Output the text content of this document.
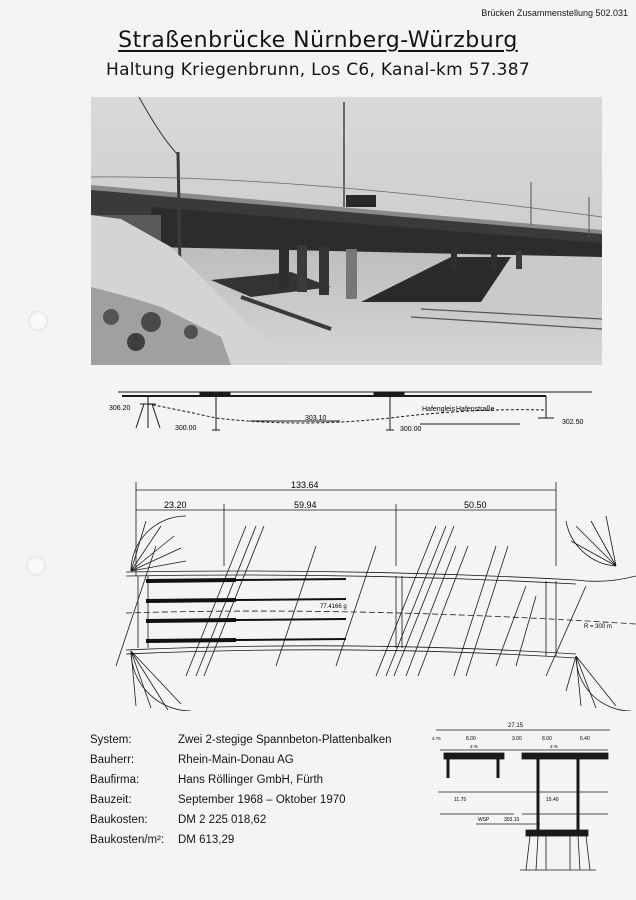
Brücken Zusammenstellung 502.031
Straßenbrücke Nürnberg-Würzburg
Haltung Kriegenbrunn, Los C6, Kanal-km 57.387
306.20
300.00
303.10
300.00
Hafengleis Hafenstraße
302.50
133.64
23.20	59.94	50.50
77.4166 g
R = 300 m
27.15
4.75	8.00	3.00	8.00	6.40
3 %	3 %
11.75	15.40
WSP	303.10
System:	Zwei 2-stegige Spannbeton-Plattenbalken
Bauherr:	Rhein-Main-Donau AG
Baufirma:	Hans Röllinger GmbH, Fürth
Bauzeit:	September 1968 – Oktober 1970
Baukosten:	DM 2 225 018,62
Baukosten/m²: DM 613,29
